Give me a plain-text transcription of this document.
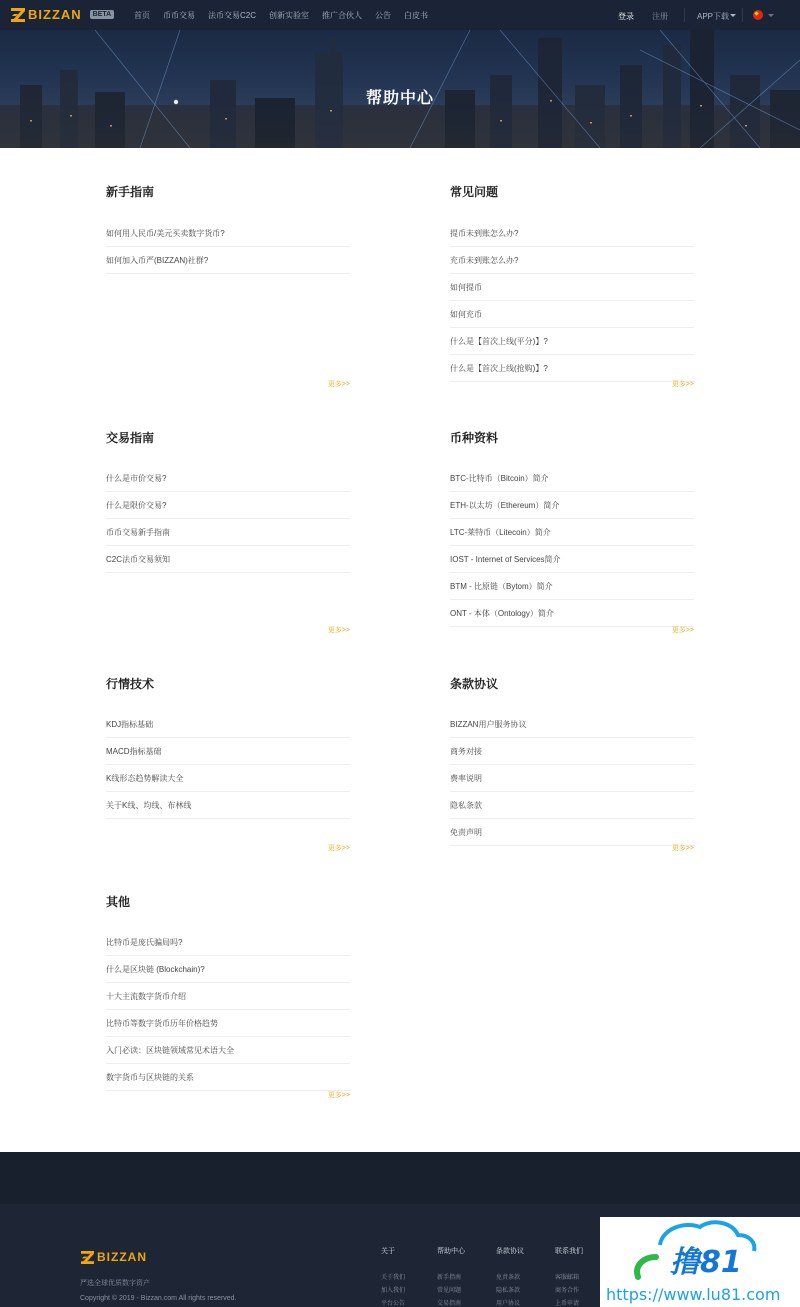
BIZZAN	BETA	首页 币币交易 法币交易C2C 创新实验室 推广合伙人 公告 白皮书	登录 注册	APP下载
帮助中心
新手指南
如何用人民币/美元买卖数字货币?
如何加入币严(BIZZAN)社群?
更多>>
常见问题
提币未到账怎么办?
充币未到账怎么办?
如何提币
如何充币
什么是【首次上线(平分)】?
什么是【首次上线(抢购)】?
更多>>
交易指南
什么是市价交易?
什么是限价交易?
币币交易新手指南
C2C法币交易须知
更多>>
币种资料
BTC-比特币（Bitcoin）简介
ETH-以太坊（Ethereum）简介
LTC-莱特币（Litecoin）简介
IOST - Internet of Services简介
BTM - 比原链（Bytom）简介
ONT - 本体（Ontology）简介
更多>>
行情技术
KDJ指标基础
MACD指标基础
K线形态趋势解读大全
关于K线、均线、布林线
更多>>
条款协议
BIZZAN用户服务协议
商务对接
费率说明
隐私条款
免责声明
更多>>
其他
比特币是庞氏骗局吗?
什么是区块链 (Blockchain)?
十大主流数字货币介绍
比特币等数字货币历年价格趋势
入门必读：区块链领域常见术语大全
数字货币与区块链的关系
更多>>
BIZZAN
严选全球优质数字资产
Copyright © 2019 - Bizzan.com All rights reserved.
关于
关于我们
加入我们
平台公告
帮助中心
新手指南
常见问题
交易指南
条款协议
免责条款
隐私条款
用户协议
联系我们
客服邮箱
商务合作
上币申请
撸81
https://www.lu81.com
